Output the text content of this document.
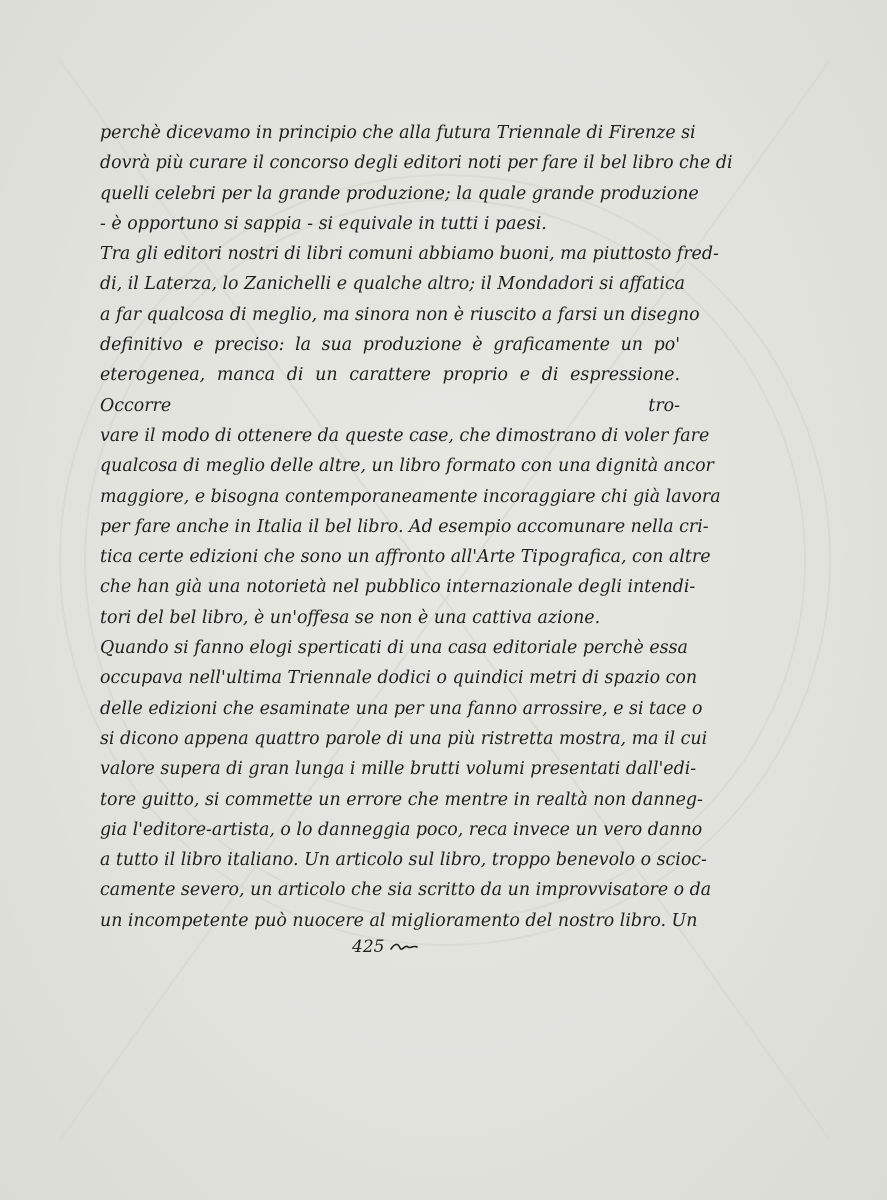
perchè dicevamo in principio che alla futura Triennale di Firenze si
dovrà più curare il concorso degli editori noti per fare il bel libro che di
quelli celebri per la grande produzione; la quale grande produzione
- è opportuno si sappia - si equivale in tutti i paesi.
Tra gli editori nostri di libri comuni abbiamo buoni, ma piuttosto fred-
di, il Laterza, lo Zanichelli e qualche altro; il Mondadori si affatica
a far qualcosa di meglio, ma sinora non è riuscito a farsi un disegno
definitivo e preciso: la sua produzione è graficamente un po' eterogenea, manca di un carattere proprio e di espressione. Occorre tro-
vare il modo di ottenere da queste case, che dimostrano di voler fare
qualcosa di meglio delle altre, un libro formato con una dignità ancor
maggiore, e bisogna contemporaneamente incoraggiare chi già lavora
per fare anche in Italia il bel libro. Ad esempio accomunare nella cri-
tica certe edizioni che sono un affronto all'Arte Tipografica, con altre
che han già una notorietà nel pubblico internazionale degli intendi-
tori del bel libro, è un'offesa se non è una cattiva azione.
Quando si fanno elogi sperticati di una casa editoriale perchè essa
occupava nell'ultima Triennale dodici o quindici metri di spazio con
delle edizioni che esaminate una per una fanno arrossire, e si tace o
si dicono appena quattro parole di una più ristretta mostra, ma il cui
valore supera di gran lunga i mille brutti volumi presentati dall'edi-
tore guitto, si commette un errore che mentre in realtà non danneg-
gia l'editore-artista, o lo danneggia poco, reca invece un vero danno
a tutto il libro italiano. Un articolo sul libro, troppo benevolo o scioc-
camente severo, un articolo che sia scritto da un improvvisatore o da
un incompetente può nuocere al miglioramento del nostro libro. Un
425
